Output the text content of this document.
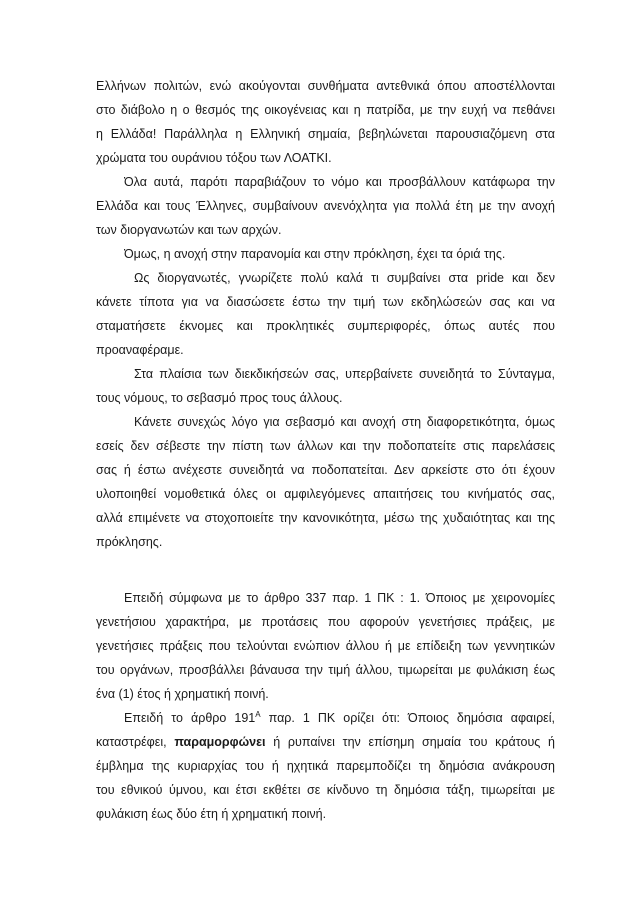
Ελλήνων πολιτών, ενώ ακούγονται συνθήματα αντεθνικά όπου αποστέλλονται
στο διάβολο η ο θεσμός της οικογένειας και η πατρίδα, με την ευχή να πεθάνει
η Ελλάδα! Παράλληλα η Ελληνική σημαία, βεβηλώνεται παρουσιαζόμενη στα
χρώματα του ουράνιου τόξου των ΛΟΑΤΚΙ.
Όλα αυτά, παρότι παραβιάζουν το νόμο και προσβάλλουν κατάφωρα την
Ελλάδα και τους Έλληνες, συμβαίνουν ανενόχλητα για πολλά έτη με την ανοχή
των διοργανωτών και των αρχών.
Όμως, η ανοχή στην παρανομία και στην πρόκληση, έχει τα όριά της.
Ως διοργανωτές, γνωρίζετε πολύ καλά τι συμβαίνει στα pride και δεν
κάνετε τίποτα για να διασώσετε έστω την τιμή των εκδηλώσεών σας και να
σταματήσετε έκνομες και προκλητικές συμπεριφορές, όπως αυτές που
προαναφέραμε.
Στα πλαίσια των διεκδικήσεών σας, υπερβαίνετε συνειδητά το Σύνταγμα,
τους νόμους, το σεβασμό προς τους άλλους.
Κάνετε συνεχώς λόγο για σεβασμό και ανοχή στη διαφορετικότητα, όμως
εσείς δεν σέβεστε την πίστη των άλλων και την ποδοπατείτε στις παρελάσεις
σας ή έστω ανέχεστε συνειδητά να ποδοπατείται. Δεν αρκείστε στο ότι έχουν
υλοποιηθεί νομοθετικά όλες οι αμφιλεγόμενες απαιτήσεις του κινήματός σας,
αλλά επιμένετε να στοχοποιείτε την κανονικότητα, μέσω της χυδαιότητας και της
πρόκλησης.
Επειδή σύμφωνα με το άρθρο 337 παρ. 1 ΠΚ : 1. Όποιος με χειρονομίες
γενετήσιου χαρακτήρα, με προτάσεις που αφορούν γενετήσιες πράξεις, με
γενετήσιες πράξεις που τελούνται ενώπιον άλλου ή με επίδειξη των γεννητικών
του οργάνων, προσβάλλει βάναυσα την τιμή άλλου, τιμωρείται με φυλάκιση έως
ένα (1) έτος ή χρηματική ποινή.
Επειδή το άρθρο $191^A$ παρ. 1 ΠΚ ορίζει ότι: Όποιος δημόσια αφαιρεί,
καταστρέφει, παραμορφώνει ή ρυπαίνει την επίσημη σημαία του κράτους ή
έμβλημα της κυριαρχίας του ή ηχητικά παρεμποδίζει τη δημόσια ανάκρουση
του εθνικού ύμνου, και έτσι εκθέτει σε κίνδυνο τη δημόσια τάξη, τιμωρείται με
φυλάκιση έως δύο έτη ή χρηματική ποινή.
